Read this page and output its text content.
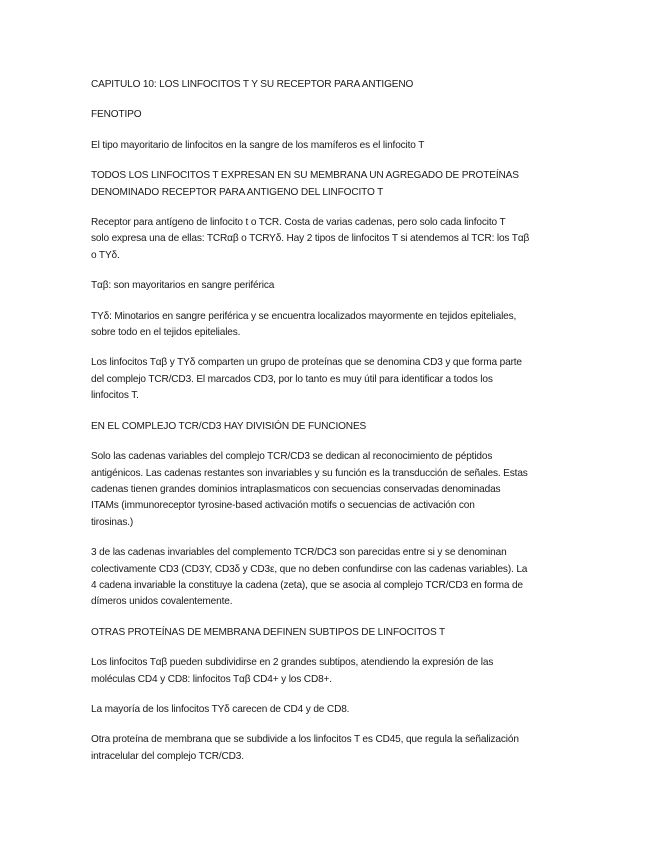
CAPITULO 10: LOS LINFOCITOS T Y SU RECEPTOR PARA ANTIGENO

FENOTIPO

El tipo mayoritario de linfocitos en la sangre de los mamíferos es el linfocito T

TODOS LOS LINFOCITOS T EXPRESAN EN SU MEMBRANA UN AGREGADO DE PROTEÍNAS
DENOMINADO RECEPTOR PARA ANTIGENO DEL LINFOCITO T

Receptor para antígeno de linfocito t o TCR. Costa de varias cadenas, pero solo cada linfocito T
solo expresa una de ellas: TCRαβ o TCRYδ. Hay 2 tipos de linfocitos T si atendemos al TCR: los Tαβ
o TYδ.

Tαβ: son mayoritarios en sangre periférica

TYδ: Minotarios en sangre periférica y se encuentra localizados mayormente en tejidos epiteliales,
sobre todo en el tejidos epiteliales.

Los linfocitos Tαβ y TYδ comparten un grupo de proteínas que se denomina CD3 y que forma parte
del complejo TCR/CD3. El marcados CD3, por lo tanto es muy útil para identificar a todos los
linfocitos T.

EN EL COMPLEJO TCR/CD3 HAY DIVISIÓN DE FUNCIONES

Solo las cadenas variables del complejo TCR/CD3 se dedican al reconocimiento de péptidos
antigénicos. Las cadenas restantes son invariables y su función es la transducción de señales. Estas
cadenas tienen grandes dominios intraplasmaticos con secuencias conservadas denominadas
ITAMs (immunoreceptor tyrosine-based activación motifs o secuencias de activación con
tirosinas.)

3 de las cadenas invariables del complemento TCR/DC3 son parecidas entre si y se denominan
colectivamente CD3 (CD3Y, CD3δ y CD3ε, que no deben confundirse con las cadenas variables). La
4 cadena invariable la constituye la cadena (zeta), que se asocia al complejo TCR/CD3 en forma de
dímeros unidos covalentemente.

OTRAS PROTEÍNAS DE MEMBRANA DEFINEN SUBTIPOS DE LINFOCITOS T

Los linfocitos Tαβ pueden subdividirse en 2 grandes subtipos, atendiendo la expresión de las
moléculas CD4 y CD8: linfocitos Tαβ CD4+ y los CD8+.

La mayoría de los linfocitos TYδ carecen de CD4 y de CD8.

Otra proteína de membrana que se subdivide a los linfocitos T es CD45, que regula la señalización
intracelular del complejo TCR/CD3.
